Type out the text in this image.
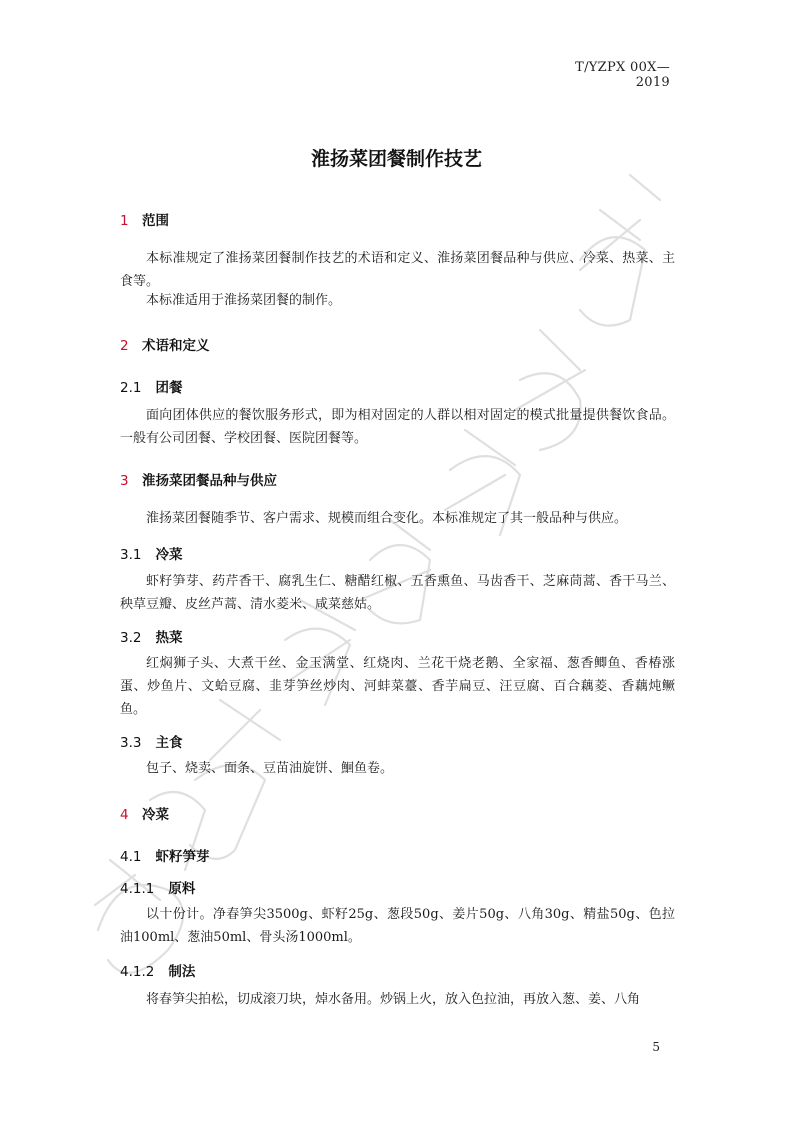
T/YZPX 00X—2019
淮扬菜团餐制作技艺
1 范围
本标准规定了淮扬菜团餐制作技艺的术语和定义、淮扬菜团餐品种与供应、冷菜、热菜、主食等。
本标准适用于淮扬菜团餐的制作。
2 术语和定义
2.1 团餐
面向团体供应的餐饮服务形式，即为相对固定的人群以相对固定的模式批量提供餐饮食品。一般有公司团餐、学校团餐、医院团餐等。
3 淮扬菜团餐品种与供应
淮扬菜团餐随季节、客户需求、规模而组合变化。本标准规定了其一般品种与供应。
3.1 冷菜
虾籽笋芽、药芹香干、腐乳生仁、糖醋红椒、五香熏鱼、马齿香干、芝麻茼蒿、香干马兰、秧草豆瓣、皮丝芦蒿、清水菱米、咸菜慈姑。
3.2 热菜
红焖狮子头、大煮干丝、金玉满堂、红烧肉、兰花干烧老鹅、全家福、葱香鲫鱼、香椿涨蛋、炒鱼片、文蛤豆腐、韭芽笋丝炒肉、河蚌菜薹、香芋扁豆、汪豆腐、百合藕菱、香藕炖鳜鱼。
3.3 主食
包子、烧卖、面条、豆苗油旋饼、鮰鱼卷。
4 冷菜
4.1 虾籽笋芽
4.1.1 原料
以十份计。净春笋尖3500g、虾籽25g、葱段50g、姜片50g、八角30g、精盐50g、色拉油100ml、葱油50ml、骨头汤1000ml。
4.1.2 制法
将春笋尖拍松，切成滚刀块，焯水备用。炒锅上火，放入色拉油，再放入葱、姜、八角
5
